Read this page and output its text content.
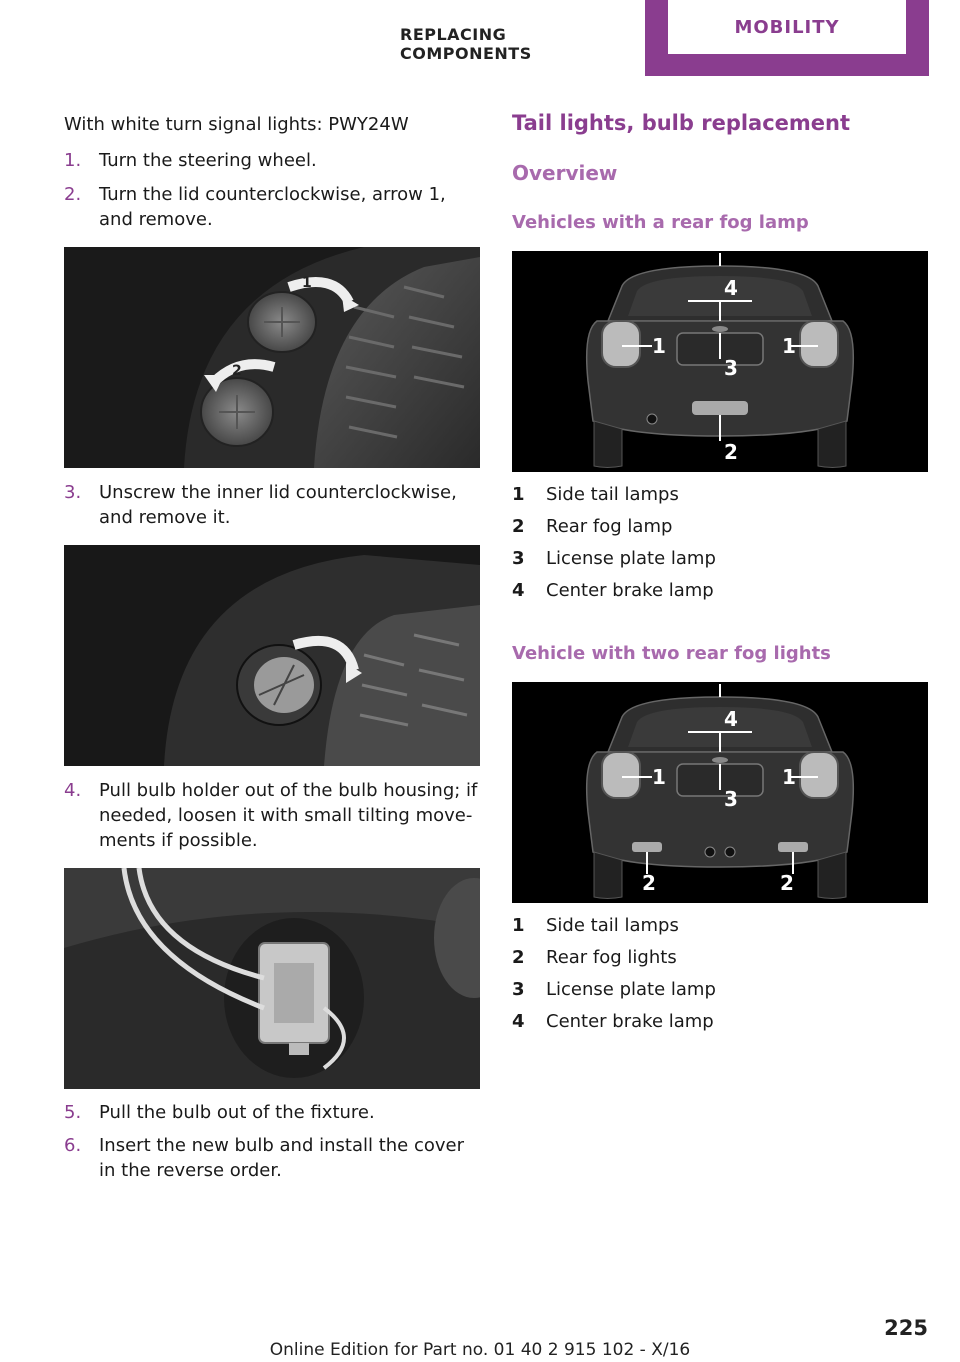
REPLACING COMPONENTS
MOBILITY
With white turn signal lights: PWY24W
1. Turn the steering wheel.
2. Turn the lid counterclockwise, arrow 1, and remove.
1
2
3. Unscrew the inner lid counterclockwise, and remove it.
4. Pull bulb holder out of the bulb housing; if needed, loosen it with small tilting move‐ments if possible.
5. Pull the bulb out of the fixture.
6. Insert the new bulb and install the cover in the reverse order.
Tail lights, bulb replacement
Overview
Vehicles with a rear fog lamp
4
1	1
3
2
1 Side tail lamps
2 Rear fog lamp
3 License plate lamp
4 Center brake lamp
Vehicle with two rear fog lights
4
1	1
3
2	2
1 Side tail lamps
2 Rear fog lights
3 License plate lamp
4 Center brake lamp
225
Online Edition for Part no. 01 40 2 915 102 - X/16
